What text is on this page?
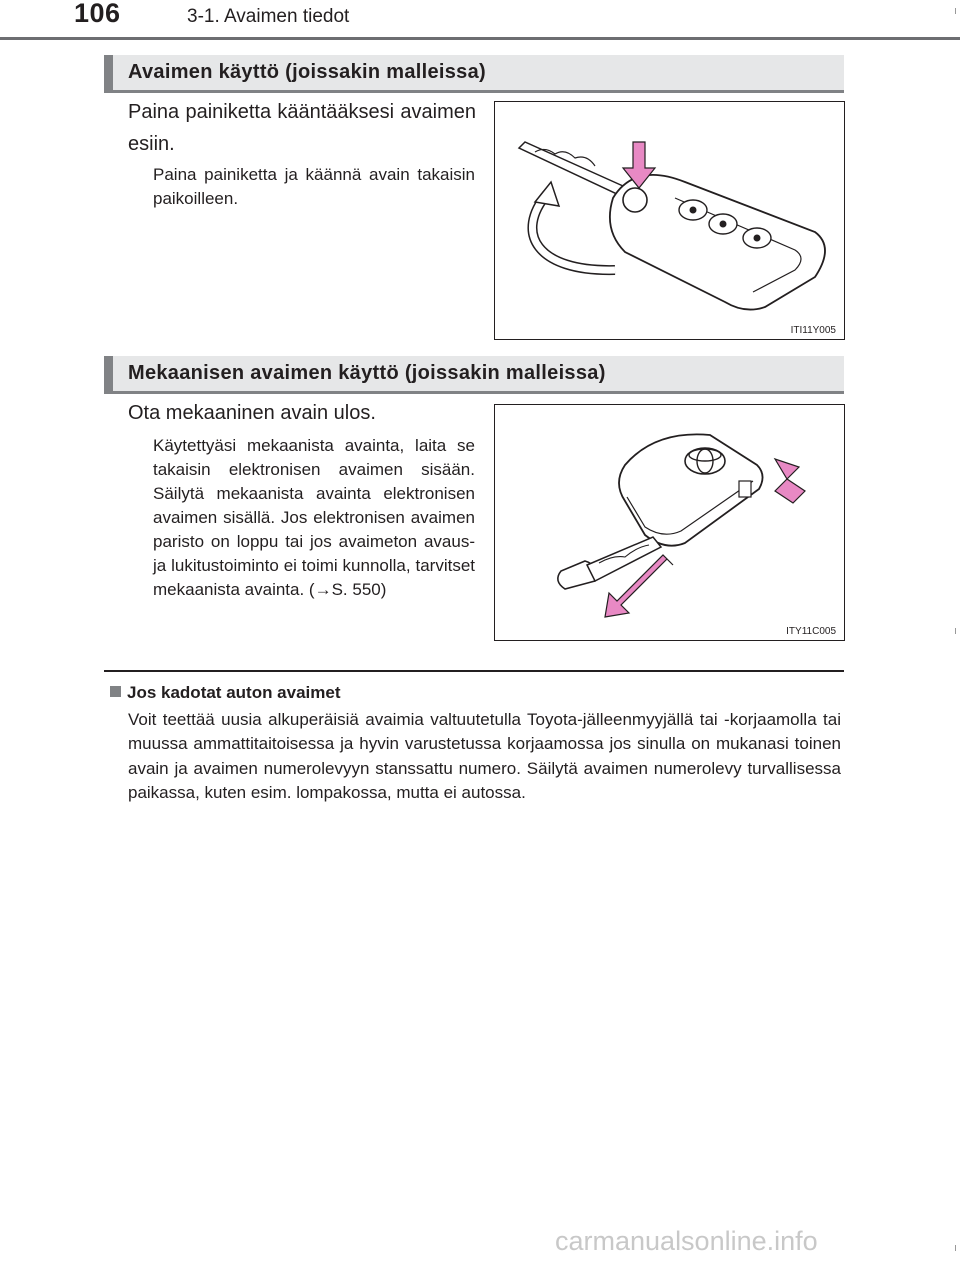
106	3-1. Avaimen tiedot
Avaimen käyttö (joissakin malleissa)
Paina painiketta kääntääksesi avaimen esiin.
Paina painiketta ja käännä avain takaisin paikoilleen.
ITI11Y005
Mekaanisen avaimen käyttö (joissakin malleissa)
Ota mekaaninen avain ulos.
Käytettyäsi mekaanista avainta, laita se takaisin elektronisen avaimen sisään. Säilytä mekaanista avainta elektronisen avaimen sisällä. Jos elektronisen avaimen paristo on loppu tai jos avaimeton avaus- ja lukitustoiminto ei toimi kunnolla, tarvitset mekaanista avainta. (→S. 550)
ITY11C005
Jos kadotat auton avaimet
Voit teettää uusia alkuperäisiä avaimia valtuutetulla Toyota-jälleenmyyjällä tai -korjaamolla tai muussa ammattitaitoisessa ja hyvin varustetussa korjaamossa jos sinulla on mukanasi toinen avain ja avaimen numerolevyyn stanssattu numero. Säilytä avaimen numerolevy turvallisessa paikassa, kuten esim. lompakossa, mutta ei autossa.
carmanualsonline.info
